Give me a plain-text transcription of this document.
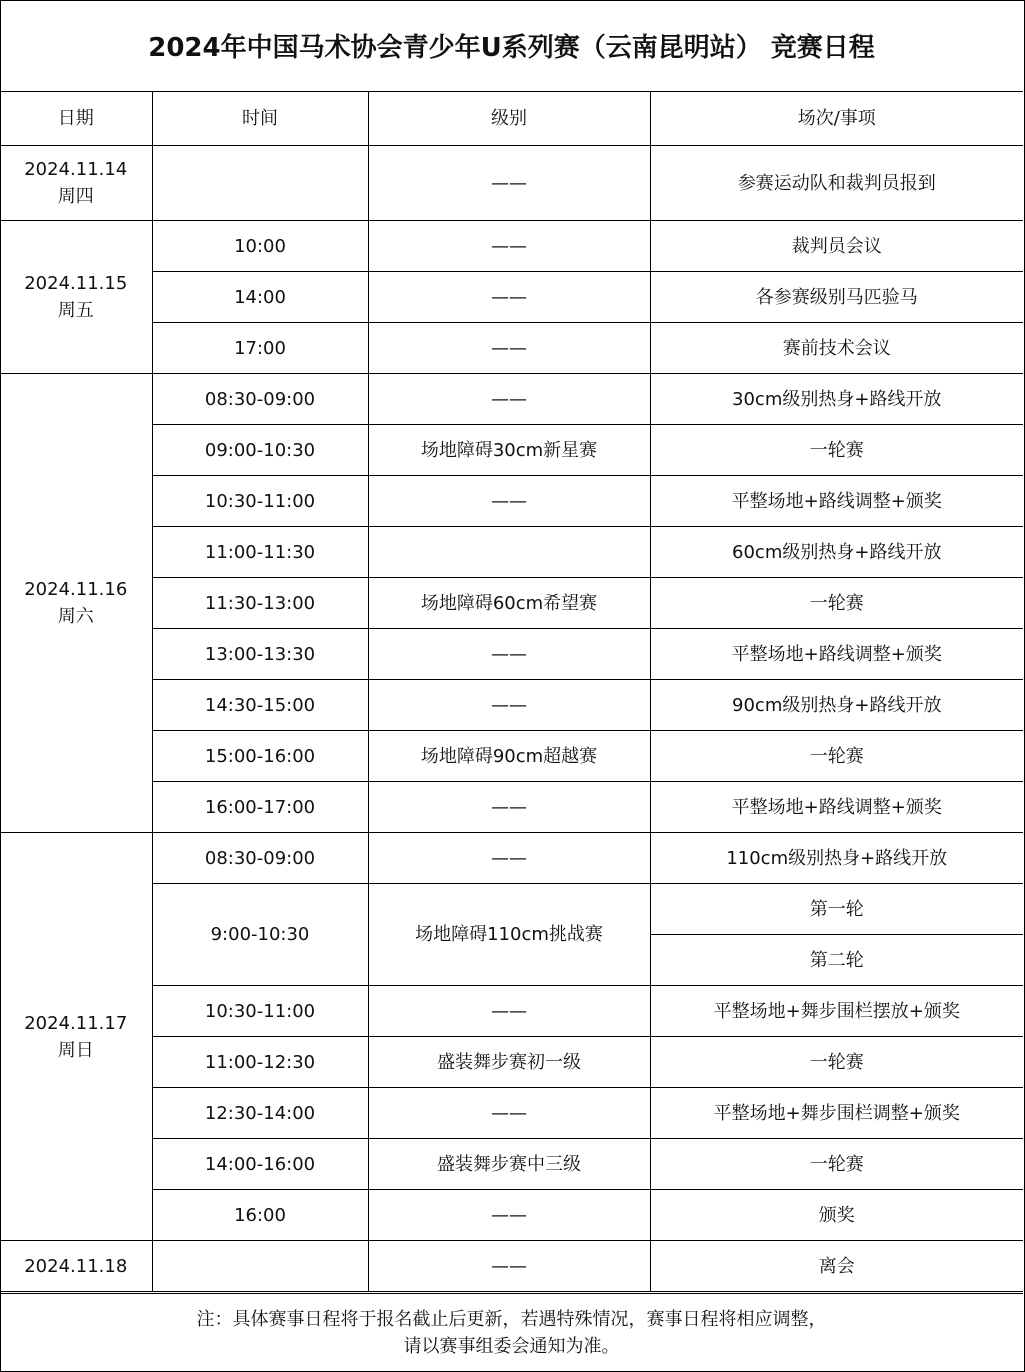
2024年中国马术协会青少年U系列赛（云南昆明站） 竞赛日程
日期	时间	级别	场次/事项
2024.11.14
周四		——	参赛运动队和裁判员报到
2024.11.15
周五	10:00	——	裁判员会议
	14:00	——	各参赛级别马匹验马
	17:00	——	赛前技术会议
2024.11.16
周六	08:30-09:00	——	30cm级别热身+路线开放
	09:00-10:30	场地障碍30cm新星赛	一轮赛
	10:30-11:00	——	平整场地+路线调整+颁奖
	11:00-11:30		60cm级别热身+路线开放
	11:30-13:00	场地障碍60cm希望赛	一轮赛
	13:00-13:30	——	平整场地+路线调整+颁奖
	14:30-15:00	——	90cm级别热身+路线开放
	15:00-16:00	场地障碍90cm超越赛	一轮赛
	16:00-17:00	——	平整场地+路线调整+颁奖
2024.11.17
周日	08:30-09:00	——	110cm级别热身+路线开放
	9:00-10:30	场地障碍110cm挑战赛	第一轮
			第二轮
	10:30-11:00	——	平整场地+舞步围栏摆放+颁奖
	11:00-12:30	盛装舞步赛初一级	一轮赛
	12:30-14:00	——	平整场地+舞步围栏调整+颁奖
	14:00-16:00	盛装舞步赛中三级	一轮赛
	16:00	——	颁奖
2024.11.18		——	离会
注：具体赛事日程将于报名截止后更新，若遇特殊情况，赛事日程将相应调整，
请以赛事组委会通知为准。
